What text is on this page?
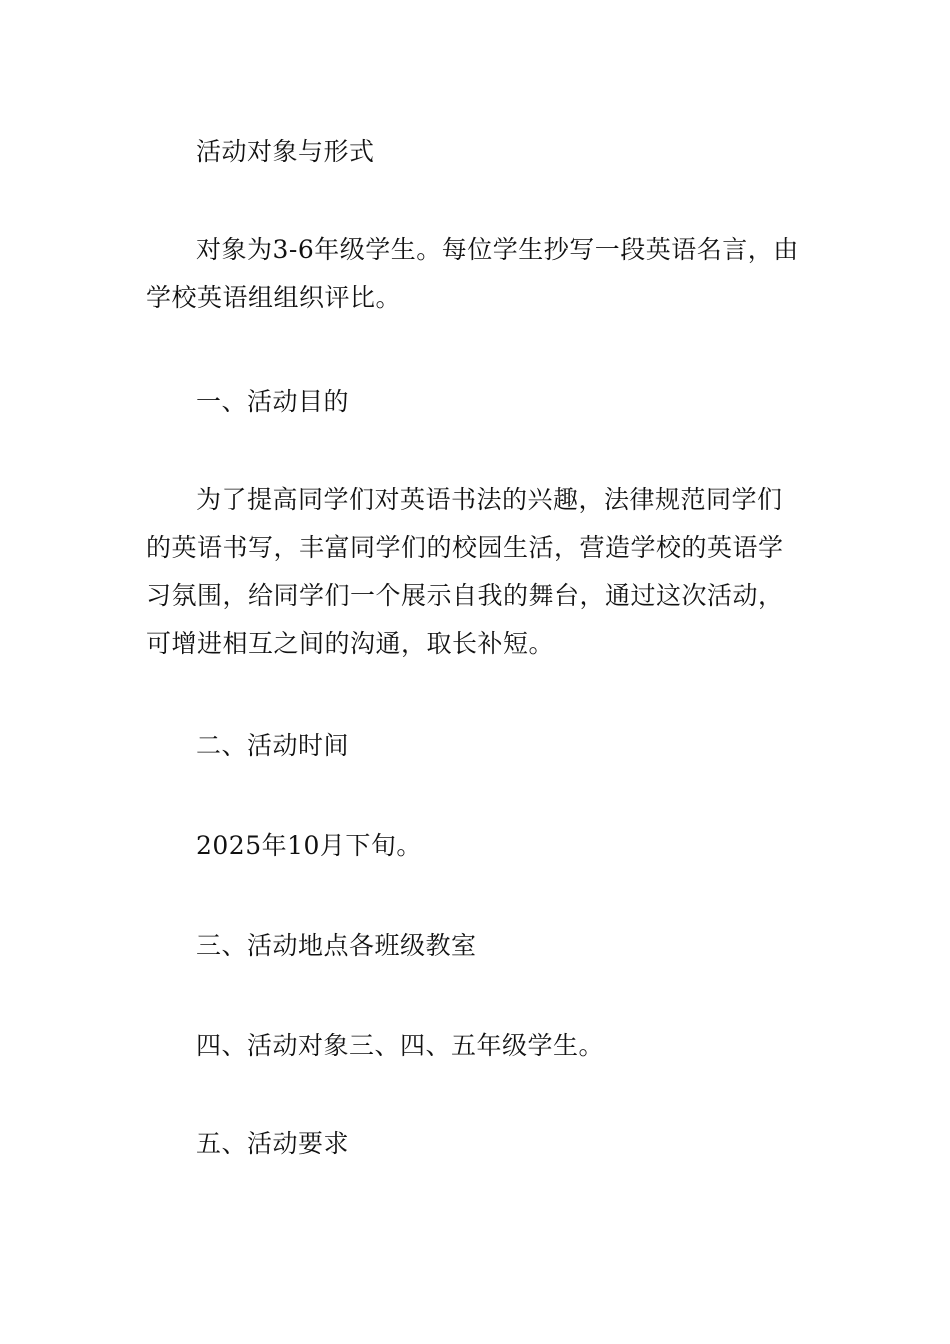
活动对象与形式

对象为3-6年级学生。每位学生抄写一段英语名言，由学校英语组组织评比。

一、活动目的

为了提高同学们对英语书法的兴趣，法律规范同学们的英语书写，丰富同学们的校园生活，营造学校的英语学习氛围，给同学们一个展示自我的舞台，通过这次活动，可增进相互之间的沟通，取长补短。

二、活动时间

2025年10月下旬。

三、活动地点各班级教室

四、活动对象三、四、五年级学生。

五、活动要求
